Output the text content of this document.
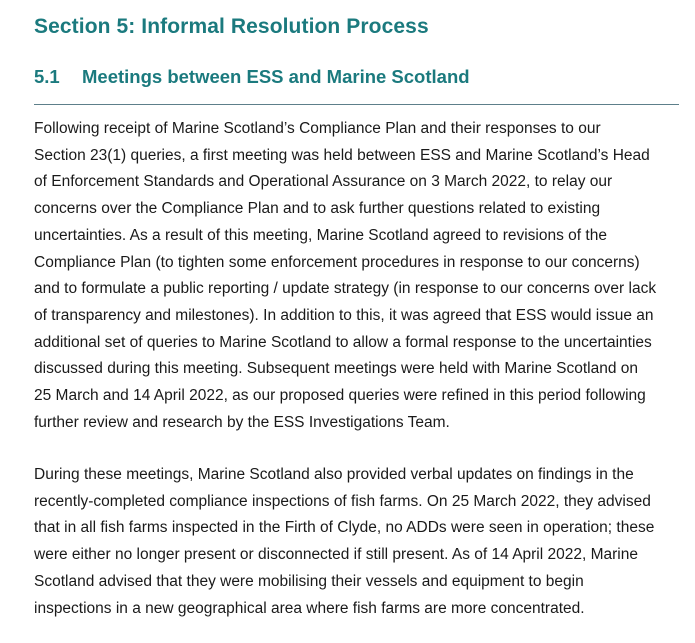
Section 5: Informal Resolution Process
5.1 Meetings between ESS and Marine Scotland

Following receipt of Marine Scotland’s Compliance Plan and their responses to our
Section 23(1) queries, a first meeting was held between ESS and Marine Scotland’s Head
of Enforcement Standards and Operational Assurance on 3 March 2022, to relay our
concerns over the Compliance Plan and to ask further questions related to existing
uncertainties. As a result of this meeting, Marine Scotland agreed to revisions of the
Compliance Plan (to tighten some enforcement procedures in response to our concerns)
and to formulate a public reporting / update strategy (in response to our concerns over lack
of transparency and milestones). In addition to this, it was agreed that ESS would issue an
additional set of queries to Marine Scotland to allow a formal response to the uncertainties
discussed during this meeting. Subsequent meetings were held with Marine Scotland on
25 March and 14 April 2022, as our proposed queries were refined in this period following
further review and research by the ESS Investigations Team.

During these meetings, Marine Scotland also provided verbal updates on findings in the
recently-completed compliance inspections of fish farms. On 25 March 2022, they advised
that in all fish farms inspected in the Firth of Clyde, no ADDs were seen in operation; these
were either no longer present or disconnected if still present. As of 14 April 2022, Marine
Scotland advised that they were mobilising their vessels and equipment to begin
inspections in a new geographical area where fish farms are more concentrated.
